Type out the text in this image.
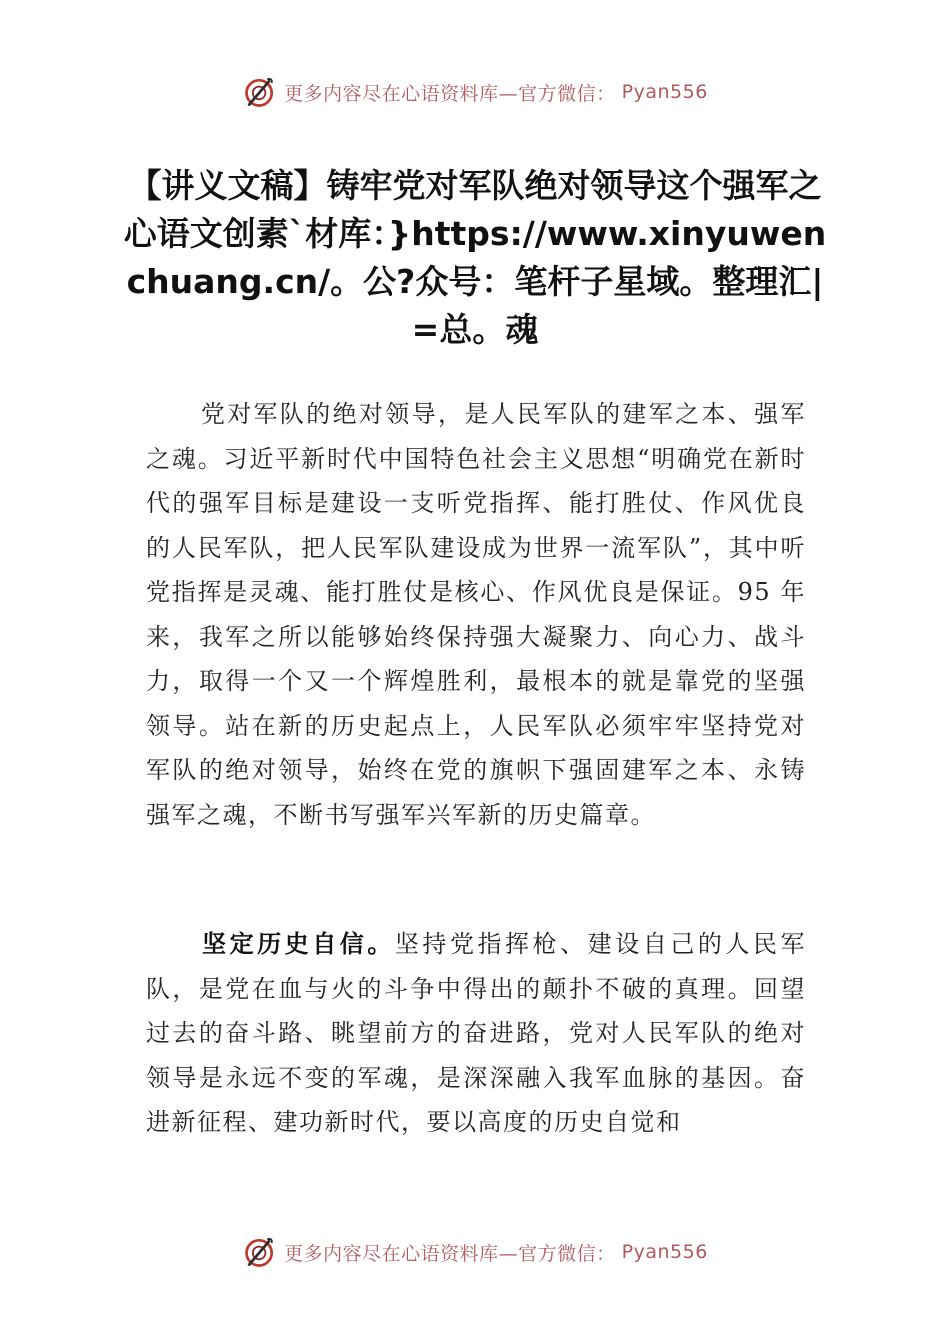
更多内容尽在心语资料库—官方微信： Pyan556
【讲义文稿】铸牢党对军队绝对领导这个强军之心语文创素`材库：}https://www.xinyuwenchuang.cn/。公?众号：笔杆子星域。整理汇|=总。魂

党对军队的绝对领导，是人民军队的建军之本、强军之魂。习近平新时代中国特色社会主义思想“明确党在新时代的强军目标是建设一支听党指挥、能打胜仗、作风优良的人民军队，把人民军队建设成为世界一流军队”，其中听党指挥是灵魂、能打胜仗是核心、作风优良是保证。95 年来，我军之所以能够始终保持强大凝聚力、向心力、战斗力，取得一个又一个辉煌胜利，最根本的就是靠党的坚强领导。站在新的历史起点上，人民军队必须牢牢坚持党对军队的绝对领导，始终在党的旗帜下强固建军之本、永铸强军之魂，不断书写强军兴军新的历史篇章。

坚定历史自信。坚持党指挥枪、建设自己的人民军队，是党在血与火的斗争中得出的颠扑不破的真理。回望过去的奋斗路、眺望前方的奋进路，党对人民军队的绝对领导是永远不变的军魂，是深深融入我军血脉的基因。奋进新征程、建功新时代，要以高度的历史自觉和

更多内容尽在心语资料库—官方微信： Pyan556
